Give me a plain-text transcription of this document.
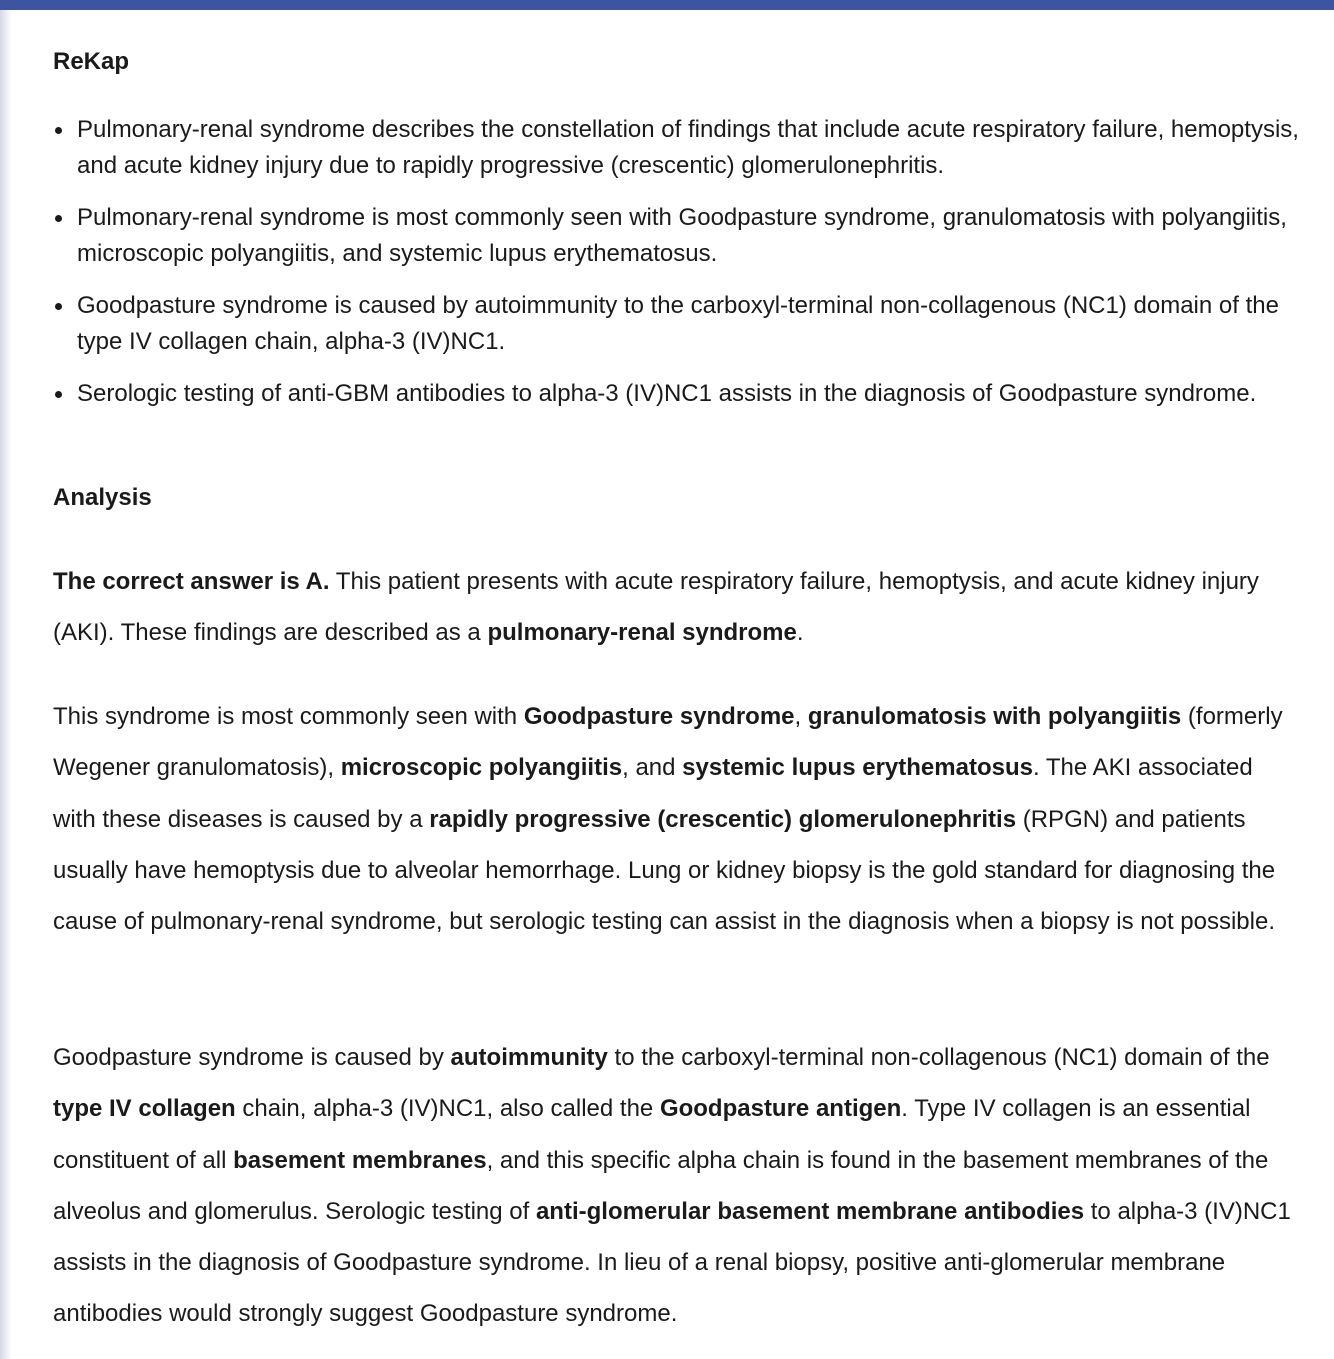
ReKap
Pulmonary-renal syndrome describes the constellation of findings that include acute respiratory failure, hemoptysis, and acute kidney injury due to rapidly progressive (crescentic) glomerulonephritis.
Pulmonary-renal syndrome is most commonly seen with Goodpasture syndrome, granulomatosis with polyangiitis, microscopic polyangiitis, and systemic lupus erythematosus.
Goodpasture syndrome is caused by autoimmunity to the carboxyl-terminal non-collagenous (NC1) domain of the type IV collagen chain, alpha-3 (IV)NC1.
Serologic testing of anti-GBM antibodies to alpha-3 (IV)NC1 assists in the diagnosis of Goodpasture syndrome.
Analysis

The correct answer is A. This patient presents with acute respiratory failure, hemoptysis, and acute kidney injury (AKI). These findings are described as a pulmonary-renal syndrome.

This syndrome is most commonly seen with Goodpasture syndrome, granulomatosis with polyangiitis (formerly Wegener granulomatosis), microscopic polyangiitis, and systemic lupus erythematosus. The AKI associated with these diseases is caused by a rapidly progressive (crescentic) glomerulonephritis (RPGN) and patients usually have hemoptysis due to alveolar hemorrhage. Lung or kidney biopsy is the gold standard for diagnosing the cause of pulmonary-renal syndrome, but serologic testing can assist in the diagnosis when a biopsy is not possible.

Goodpasture syndrome is caused by autoimmunity to the carboxyl-terminal non-collagenous (NC1) domain of the type IV collagen chain, alpha-3 (IV)NC1, also called the Goodpasture antigen. Type IV collagen is an essential constituent of all basement membranes, and this specific alpha chain is found in the basement membranes of the alveolus and glomerulus. Serologic testing of anti-glomerular basement membrane antibodies to alpha-3 (IV)NC1 assists in the diagnosis of Goodpasture syndrome. In lieu of a renal biopsy, positive anti-glomerular membrane antibodies would strongly suggest Goodpasture syndrome.
